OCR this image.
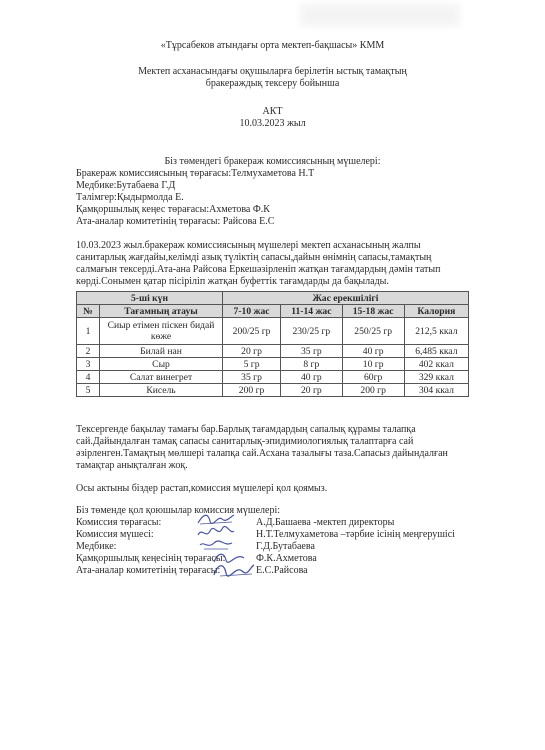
«Тұрсабеков атындағы орта мектеп-бақшасы» КММ
Мектеп асханасындағы оқушыларға берілетін ыстық тамақтың
бракераждық тексеру бойынша
АКТ
10.03.2023 жыл
Біз төмендегі бракераж комиссиясының мүшелері:
Бракераж комиссиясының төрағасы:Телмухаметова Н.Т
Медбике:Бутабаева Г.Д
Тәлімгер:Қыдырмолда Е.
Қамқоршылық кеңес төрағасы:Ахметова Ф.К
Ата-аналар комитетінің төрағасы: Райсова Е.С
10.03.2023 жыл.бракераж комиссиясының мүшелері мектеп асханасының жалпы
санитарлық жағдайы,келімді азық түліктің сапасы,дайын өнімнің сапасы,тамақтың
салмағын тексерді.Ата-ана Райсова Еркешәзірленіп жатқан тағамдардың дәмін татып
көрді.Сонымен қатар пісіріліп жатқан буфеттік тағамдарды да бақылады.
5-ші күн		Жас ерекшілігі			
№	Тағамның атауы	7-10 жас	11-14 жас	15-18 жас	Калория
1	Сиыр етімен піскен бидай көже	200/25 гр	230/25 гр	250/25 гр	212,5 ккал
2	Билай нан	20 гр	35 гр	40 гр	6,485 ккал
3	Сыр	5 гр	8 гр	10 гр	402 ккал
4	Салат винегрет	35 гр	40 гр	60гр	329 ккал
5	Кисель	200 гр	20 гр	200 гр	304 ккал
Тексергенде бақылау тамағы бар.Барлық тағамдардың сапалық құрамы талапқа
сай.Дайындалған тамақ сапасы санитарлық-эпидимиологиялық талаптарға сай
әзірленген.Тамақтың мөлшері талапқа сай.Асхана тазалығы таза.Сапасыз дайындалған
тамақтар анықталған жоқ.
Осы актыны біздер растап,комиссия мүшелері қол қоямыз.
Біз төменде қол қоюшылар комиссия мүшелері:
Комиссия төрағасы:	А.Д.Башаева -мектеп директоры
Комиссия мүшесі:	Н.Т.Телмухаметова –тәрбие ісінің меңгерушісі
Медбике:	Г.Д.Бутабаева
Қамқоршылық кеңесінің төрағасы:	Ф.К.Ахметова
Ата-аналар комитетінің төрағасы:	Е.С.Райсова
